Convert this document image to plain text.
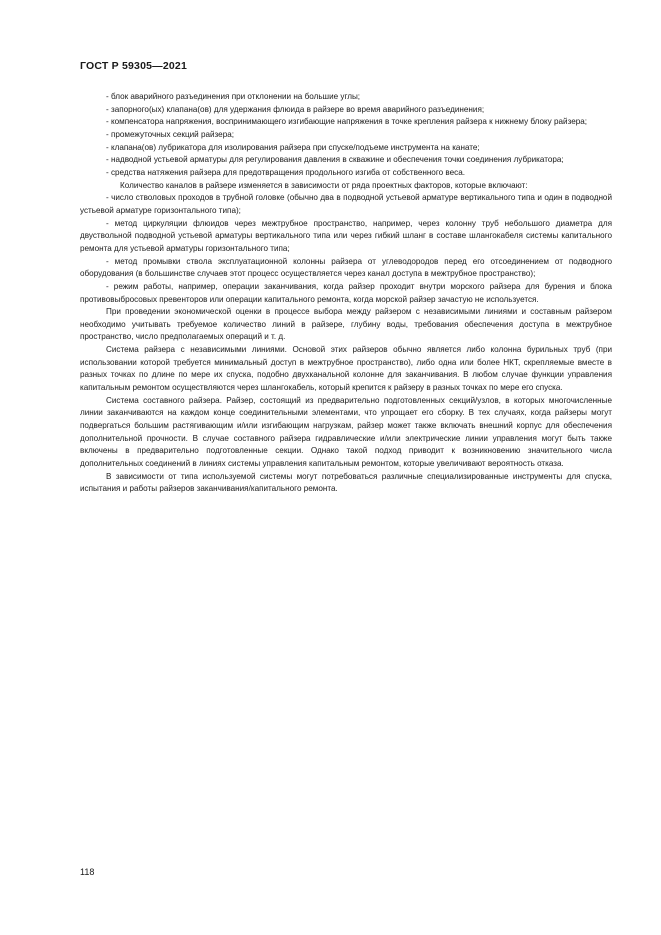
ГОСТ Р 59305—2021

- блок аварийного разъединения при отклонении на большие углы;

- запорного(ых) клапана(ов) для удержания флюида в райзере во время аварийного разъединения;

- компенсатора напряжения, воспринимающего изгибающие напряжения в точке крепления райзера к нижнему блоку райзера;

- промежуточных секций райзера;

- клапана(ов) лубрикатора для изолирования райзера при спуске/подъеме инструмента на канате;

- надводной устьевой арматуры для регулирования давления в скважине и обеспечения точки соединения лубрикатора;

- средства натяжения райзера для предотвращения продольного изгиба от собственного веса.

Количество каналов в райзере изменяется в зависимости от ряда проектных факторов, которые включают:

- число стволовых проходов в трубной головке (обычно два в подводной устьевой арматуре вертикального типа и один в подводной устьевой арматуре горизонтального типа);

- метод циркуляции флюидов через межтрубное пространство, например, через колонну труб небольшого диаметра для двуствольной подводной устьевой арматуры вертикального типа или через гибкий шланг в составе шлангокабеля системы капитального ремонта для устьевой арматуры горизонтального типа;

- метод промывки ствола эксплуатационной колонны райзера от углеводородов перед его отсоединением от подводного оборудования (в большинстве случаев этот процесс осуществляется через канал доступа в межтрубное пространство);

- режим работы, например, операции заканчивания, когда райзер проходит внутри морского райзера для бурения и блока противовыбросовых превенторов или операции капитального ремонта, когда морской райзер зачастую не используется.

При проведении экономической оценки в процессе выбора между райзером с независимыми линиями и составным райзером необходимо учитывать требуемое количество линий в райзере, глубину воды, требования обеспечения доступа в межтрубное пространство, число предполагаемых операций и т. д.

Система райзера с независимыми линиями. Основой этих райзеров обычно является либо колонна бурильных труб (при использовании которой требуется минимальный доступ в межтрубное пространство), либо одна или более НКТ, скрепляемые вместе в разных точках по длине по мере их спуска, подобно двухканальной колонне для заканчивания. В любом случае функции управления капитальным ремонтом осуществляются через шлангокабель, который крепится к райзеру в разных точках по мере его спуска.

Система составного райзера. Райзер, состоящий из предварительно подготовленных секций/узлов, в которых многочисленные линии заканчиваются на каждом конце соединительными элементами, что упрощает его сборку. В тех случаях, когда райзеры могут подвергаться большим растягивающим и/или изгибающим нагрузкам, райзер может также включать внешний корпус для обеспечения дополнительной прочности. В случае составного райзера гидравлические и/или электрические линии управления могут быть также включены в предварительно подготовленные секции. Однако такой подход приводит к возникновению значительного числа дополнительных соединений в линиях системы управления капитальным ремонтом, которые увеличивают вероятность отказа.

В зависимости от типа используемой системы могут потребоваться различные специализированные инструменты для спуска, испытания и работы райзеров заканчивания/капитального ремонта.

118
